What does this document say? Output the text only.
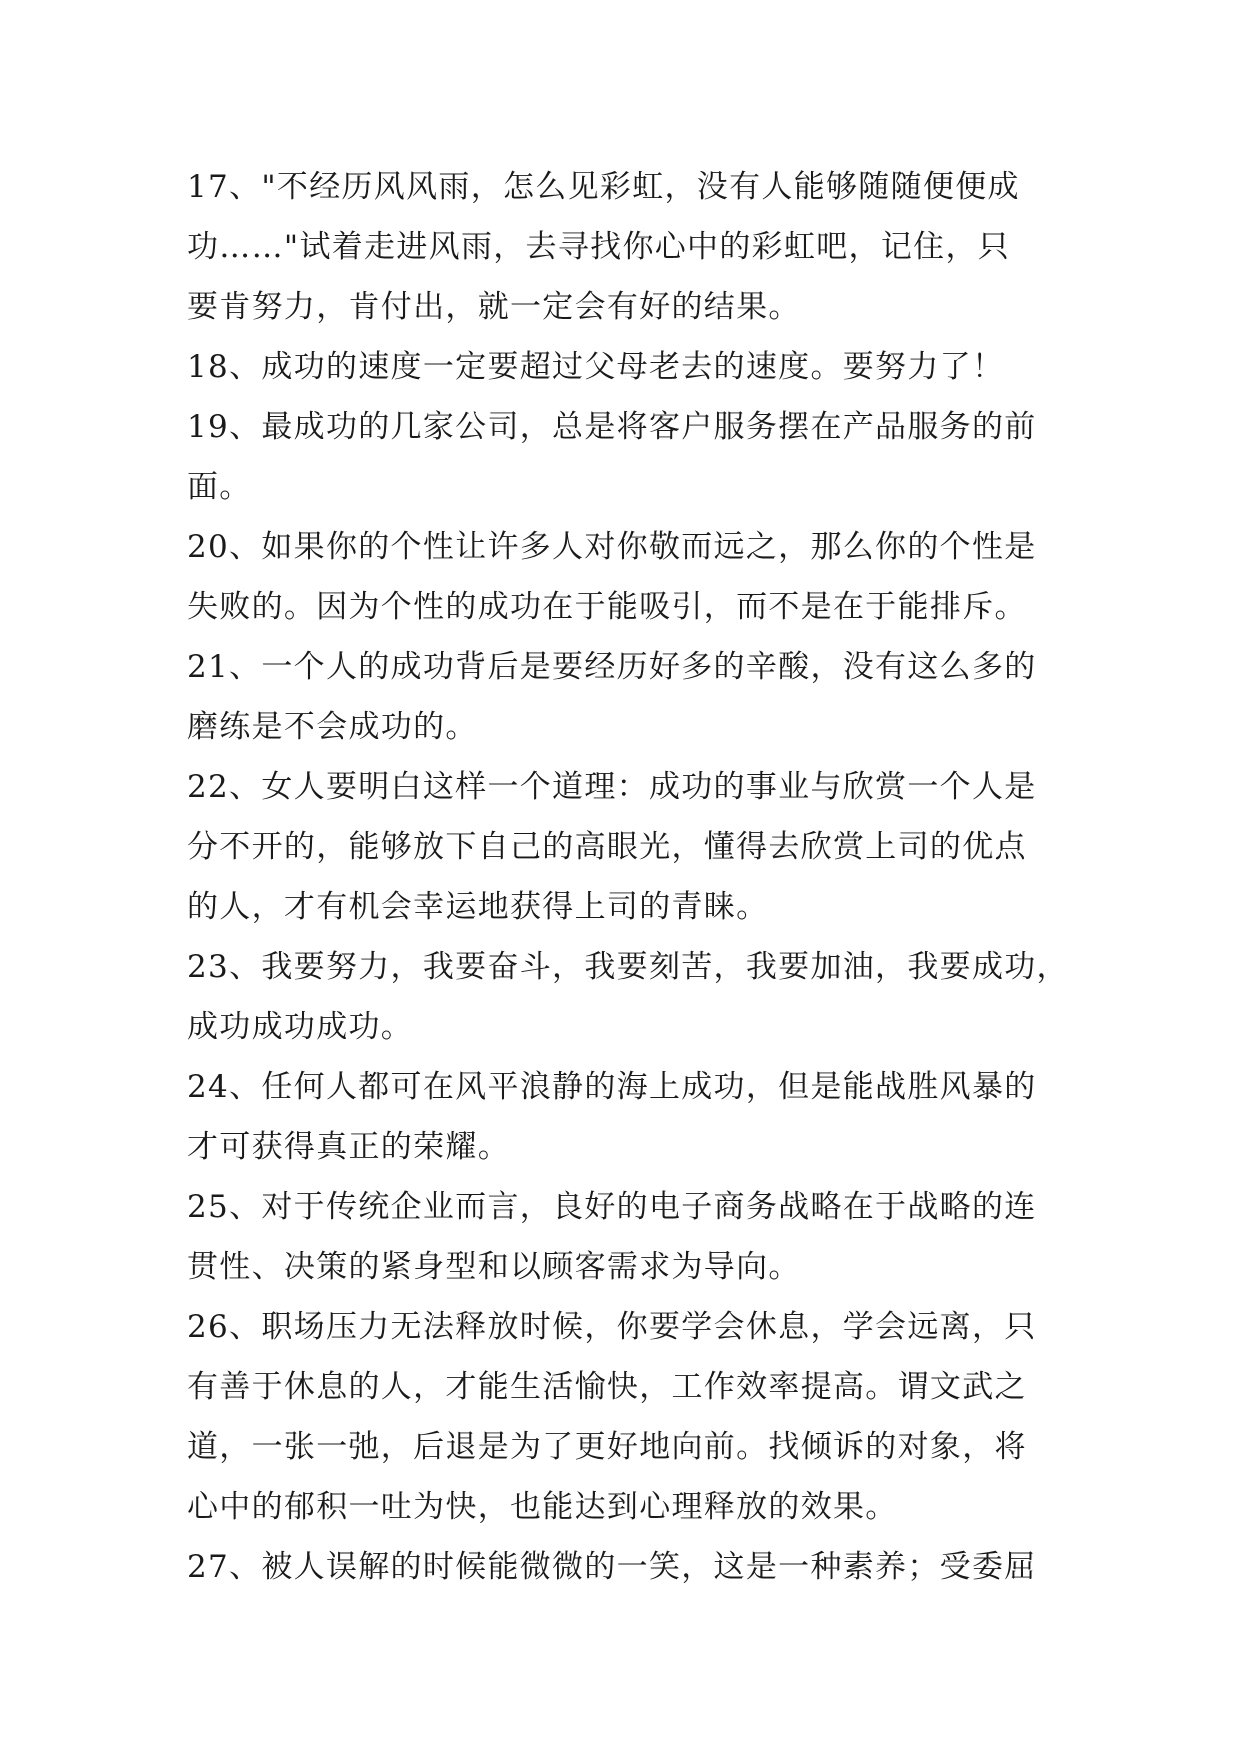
17、"不经历风风雨，怎么见彩虹，没有人能够随随便便成
功……"试着走进风雨，去寻找你心中的彩虹吧，记住，只
要肯努力，肯付出，就一定会有好的结果。
18、成功的速度一定要超过父母老去的速度。要努力了！
19、最成功的几家公司，总是将客户服务摆在产品服务的前
面。
20、如果你的个性让许多人对你敬而远之，那么你的个性是
失败的。因为个性的成功在于能吸引，而不是在于能排斥。
21、一个人的成功背后是要经历好多的辛酸，没有这么多的
磨练是不会成功的。
22、女人要明白这样一个道理：成功的事业与欣赏一个人是
分不开的，能够放下自己的高眼光，懂得去欣赏上司的优点
的人，才有机会幸运地获得上司的青睐。
23、我要努力，我要奋斗，我要刻苦，我要加油，我要成功，
成功成功成功。
24、任何人都可在风平浪静的海上成功，但是能战胜风暴的
才可获得真正的荣耀。
25、对于传统企业而言，良好的电子商务战略在于战略的连
贯性、决策的紧身型和以顾客需求为导向。
26、职场压力无法释放时候，你要学会休息，学会远离，只
有善于休息的人，才能生活愉快，工作效率提高。谓文武之
道，一张一弛，后退是为了更好地向前。找倾诉的对象，将
心中的郁积一吐为快，也能达到心理释放的效果。
27、被人误解的时候能微微的一笑，这是一种素养；受委屈
